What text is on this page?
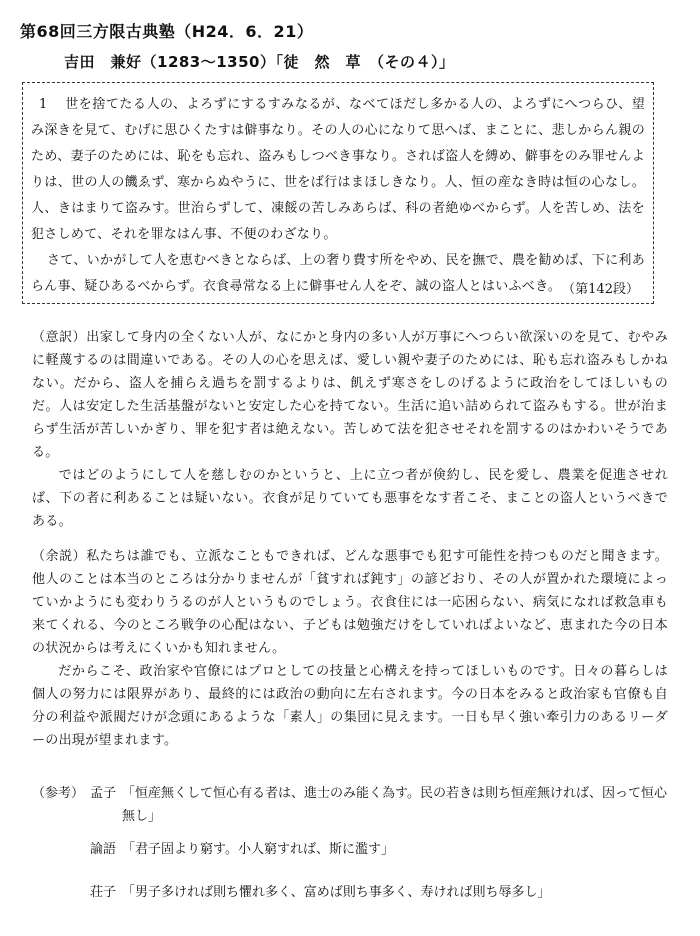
第68回三方限古典塾（H24．6．21）
吉田　兼好（1283〜1350）「徒　然　草　（その４）」

1 世を捨てたる人の、よろずにするすみなるが、なべてほだし多かる人の、よろずにへつらひ、望み深きを見て、むげに思ひくたすは僻事なり。その人の心になりて思へば、まことに、悲しからん親のため、妻子のためには、恥をも忘れ、盗みもしつべき事なり。されば盗人を縛め、僻事をのみ罪せんよりは、世の人の饑ゑず、寒からぬやうに、世をば行はまほしきなり。人、恒の産なき時は恒の心なし。人、きはまりて盗みす。世治らずして、凍餒の苦しみあらば、科の者絶ゆべからず。人を苦しめ、法を犯さしめて、それを罪なはん事、不便のわざなり。

さて、いかがして人を恵むべきとならば、上の奢り費す所をやめ、民を撫で、農を勧めば、下に利あらん事、疑ひあるべからず。衣食尋常なる上に僻事せん人をぞ、誠の盗人とはいふべき。 （第142段）

（意訳）出家して身内の全くない人が、なにかと身内の多い人が万事にへつらい欲深いのを見て、むやみに軽蔑するのは間違いである。その人の心を思えば、愛しい親や妻子のためには、恥も忘れ盗みもしかねない。だから、盗人を捕らえ過ちを罰するよりは、飢えず寒さをしのげるように政治をしてほしいものだ。人は安定した生活基盤がないと安定した心を持てない。生活に追い詰められて盗みもする。世が治まらず生活が苦しいかぎり、罪を犯す者は絶えない。苦しめて法を犯させそれを罰するのはかわいそうである。

ではどのようにして人を慈しむのかというと、上に立つ者が倹約し、民を愛し、農業を促進させれば、下の者に利あることは疑いない。衣食が足りていても悪事をなす者こそ、まことの盗人というべきである。

（余説）私たちは誰でも、立派なこともできれば、どんな悪事でも犯す可能性を持つものだと聞きます。他人のことは本当のところは分かりませんが「貧すれば鈍す」の諺どおり、その人が置かれた環境によっていかようにも変わりうるのが人というものでしょう。衣食住には一応困らない、病気になれば救急車も来てくれる、今のところ戦争の心配はない、子どもは勉強だけをしていればよいなど、恵まれた今の日本の状況からは考えにくいかも知れません。

だからこそ、政治家や官僚にはプロとしての技量と心構えを持ってほしいものです。日々の暮らしは個人の努力には限界があり、最終的には政治の動向に左右されます。今の日本をみると政治家も官僚も自分の利益や派閥だけが念頭にあるような「素人」の集団に見えます。一日も早く強い牽引力のあるリーダーの出現が望まれます。

（参考） 孟子 「恒産無くして恒心有る者は、進士のみ能く為す。民の若きは則ち恒産無ければ、因って恒心無し」
論語 「君子固より窮す。小人窮すれば、斯に濫す」
荘子 「男子多ければ則ち懼れ多く、富めば則ち事多く、寿ければ則ち辱多し」
